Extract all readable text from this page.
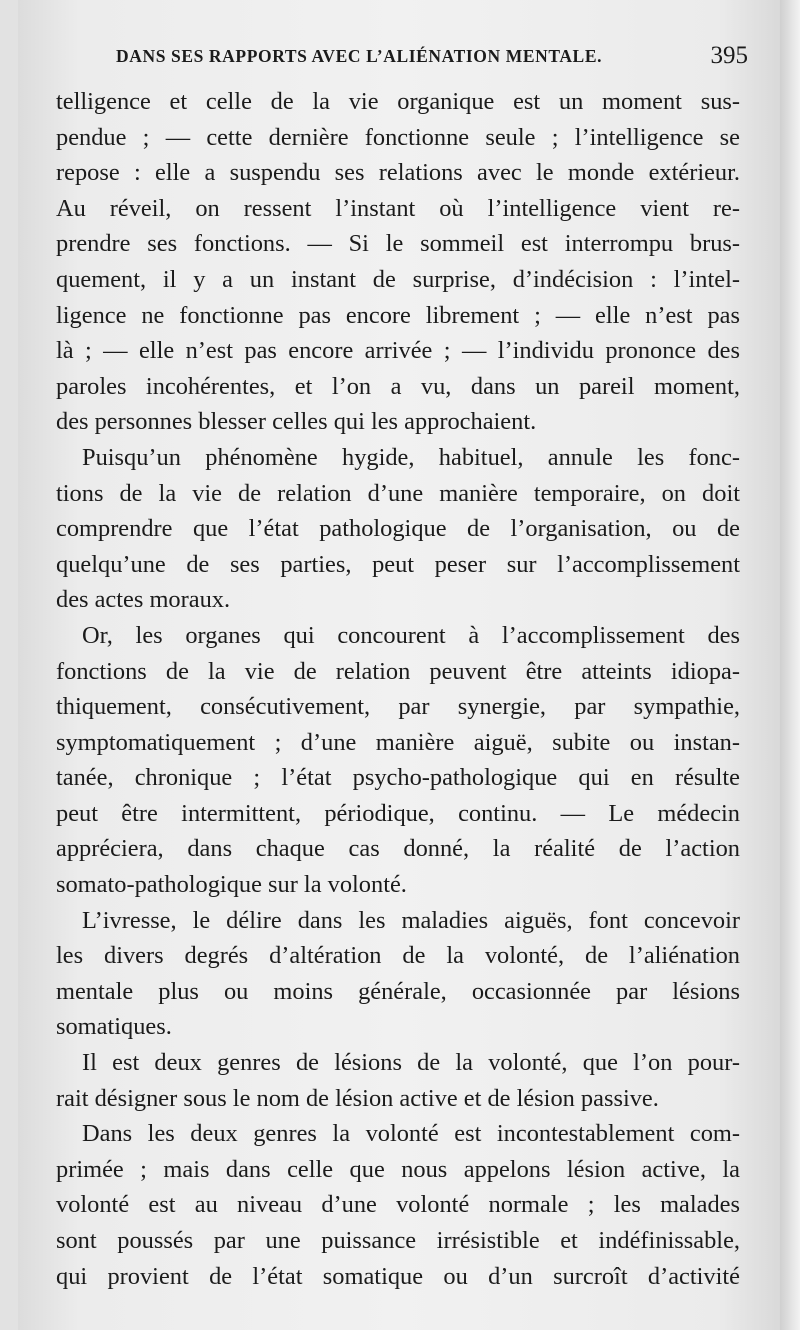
DANS SES RAPPORTS AVEC L’ALIÉNATION MENTALE.	395
telligence et celle de la vie organique est un moment sus-
pendue ; — cette dernière fonctionne seule ; l’intelligence se
repose : elle a suspendu ses relations avec le monde extérieur.
Au réveil, on ressent l’instant où l’intelligence vient re-
prendre ses fonctions. — Si le sommeil est interrompu brus-
quement, il y a un instant de surprise, d’indécision : l’intel-
ligence ne fonctionne pas encore librement ; — elle n’est pas
là ; — elle n’est pas encore arrivée ; — l’individu prononce des
paroles incohérentes, et l’on a vu, dans un pareil moment,
des personnes blesser celles qui les approchaient.
Puisqu’un phénomène hygide, habituel, annule les fonc-
tions de la vie de relation d’une manière temporaire, on doit
comprendre que l’état pathologique de l’organisation, ou de
quelqu’une de ses parties, peut peser sur l’accomplissement
des actes moraux.
Or, les organes qui concourent à l’accomplissement des
fonctions de la vie de relation peuvent être atteints idiopa-
thiquement, consécutivement, par synergie, par sympathie,
symptomatiquement ; d’une manière aiguë, subite ou instan-
tanée, chronique ; l’état psycho-pathologique qui en résulte
peut être intermittent, périodique, continu. — Le médecin
appréciera, dans chaque cas donné, la réalité de l’action
somato-pathologique sur la volonté.
L’ivresse, le délire dans les maladies aiguës, font concevoir
les divers degrés d’altération de la volonté, de l’aliénation
mentale plus ou moins générale, occasionnée par lésions
somatiques.
Il est deux genres de lésions de la volonté, que l’on pour-
rait désigner sous le nom de lésion active et de lésion passive.
Dans les deux genres la volonté est incontestablement com-
primée ; mais dans celle que nous appelons lésion active, la
volonté est au niveau d’une volonté normale ; les malades
sont poussés par une puissance irrésistible et indéfinissable,
qui provient de l’état somatique ou d’un surcroît d’activité
